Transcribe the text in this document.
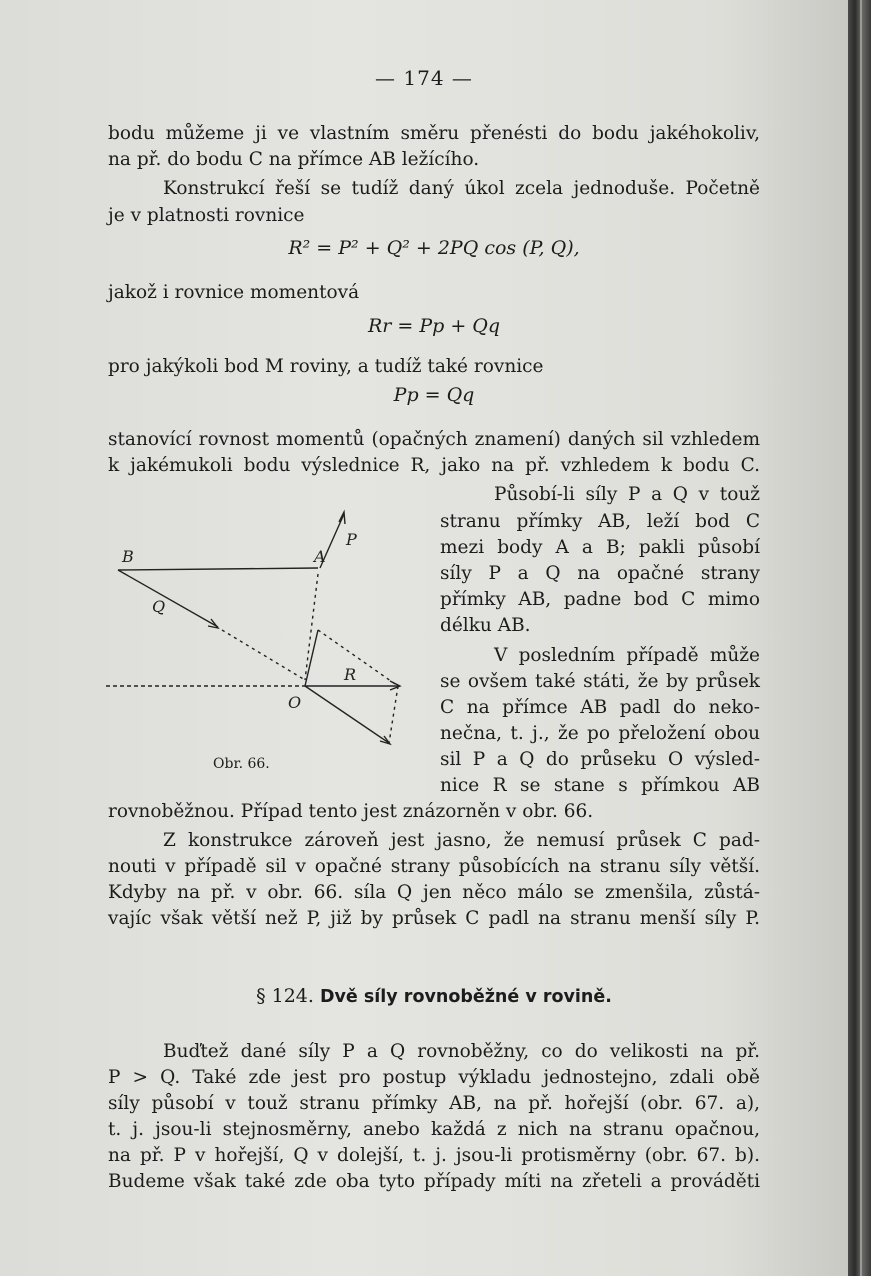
— 174 —
bodu můžeme ji ve vlastním směru přenésti do bodu jakéhokoliv,
na př. do bodu C na přímce AB ležícího.
Konstrukcí řeší se tudíž daný úkol zcela jednoduše. Početně
je v platnosti rovnice
R² = P² + Q² + 2PQ cos (P, Q),
jakož i rovnice momentová
Rr = Pp + Qq
pro jakýkoli bod M roviny, a tudíž také rovnice
Pp = Qq
stanovící rovnost momentů (opačných znamení) daných sil vzhledem
k jakémukoli bodu výslednice R, jako na př. vzhledem k bodu C.
Působí-li síly P a Q v touž
stranu přímky AB, leží bod C
mezi body A a B; pakli působí
síly P a Q na opačné strany
přímky AB, padne bod C mimo
délku AB.
V posledním případě může
se ovšem také státi, že by průsek
C na přímce AB padl do neko-
nečna, t. j., že po přeložení obou
sil P a Q do průseku O výsled-
nice R se stane s přímkou AB
B	A
P
Q
R
O
Obr. 66.
rovnoběžnou. Případ tento jest znázorněn v obr. 66.
Z konstrukce zároveň jest jasno, že nemusí průsek C pad-
nouti v případě sil v opačné strany působících na stranu síly větší.
Kdyby na př. v obr. 66. síla Q jen něco málo se zmenšila, zůstá-
vajíc však větší než P, již by průsek C padl na stranu menší síly P.
§ 124. Dvě síly rovnoběžné v rovině.
Buďtež dané síly P a Q rovnoběžny, co do velikosti na př.
P > Q. Také zde jest pro postup výkladu jednostejno, zdali obě
síly působí v touž stranu přímky AB, na př. hořejší (obr. 67. a),
t. j. jsou-li stejnosměrny, anebo každá z nich na stranu opačnou,
na př. P v hořejší, Q v dolejší, t. j. jsou-li protisměrny (obr. 67. b).
Budeme však také zde oba tyto případy míti na zřeteli a prováděti
